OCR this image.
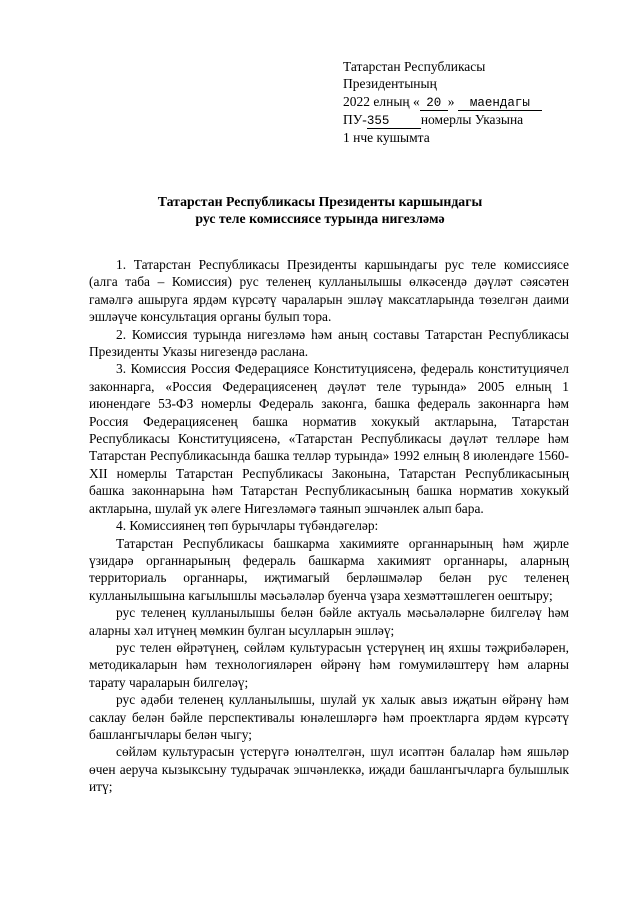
Татарстан Республикасы
Президентының
2022 елның « 20 » маендагы
ПУ-355 номерлы Указына
1 нче кушымта
Татарстан Республикасы Президенты каршындагы
рус теле комиссиясе турында нигезләмә

1. Татарстан Республикасы Президенты каршындагы рус теле комиссиясе (алга таба – Комиссия) рус теленең кулланылышы өлкәсендә дәүләт сәясәтен гамәлгә ашыруга ярдәм күрсәтү чараларын эшләү максатларында төзелгән даими эшләүче консультация органы булып тора.

2. Комиссия турында нигезләмә һәм аның составы Татарстан Республикасы Президенты Указы нигезендә раслана.

3. Комиссия Россия Федерациясе Конституциясенә, федераль конституциячел законнарга, «Россия Федерациясенең дәүләт теле турында» 2005 елның 1 июнендәге 53-ФЗ номерлы Федераль законга, башка федераль законнарга һәм Россия Федерациясенең башка норматив хокукый актларына, Татарстан Республикасы Конституциясенә, «Татарстан Республикасы дәүләт телләре һәм Татарстан Республикасында башка телләр турында» 1992 елның 8 июлендәге 1560-XII номерлы Татарстан Республикасы Законына, Татарстан Республикасының башка законнарына һәм Татарстан Республикасының башка норматив хокукый актларына, шулай ук әлеге Нигезләмәгә таянып эшчәнлек алып бара.

4. Комиссиянең төп бурычлары түбәндәгеләр:

Татарстан Республикасы башкарма хакимияте органнарының һәм җирле үзидарә органнарының федераль башкарма хакимият органнары, аларның территориаль органнары, иҗтимагый берләшмәләр белән рус теленең кулланылышына кагылышлы мәсьәләләр буенча үзара хезмәттәшлеген оештыру;

рус теленең кулланылышы белән бәйле актуаль мәсьәләләрне билгеләү һәм аларны хәл итүнең мөмкин булган ысулларын эшләү;

рус телен өйрәтүнең, сөйләм культурасын үстерүнең иң яхшы тәҗрибәләрен, методикаларын һәм технологияләрен өйрәнү һәм гомумиләштерү һәм аларны тарату чараларын билгеләү;

рус әдәби теленең кулланылышы, шулай ук халык авыз иҗатын өйрәнү һәм саклау белән бәйле перспективалы юнәлешләргә һәм проектларга ярдәм күрсәтү башлангычлары белән чыгу;

сөйләм культурасын үстерүгә юнәлтелгән, шул исәптән балалар һәм яшьләр өчен аеруча кызыксыну тудырачак эшчәнлеккә, иҗади башлангычларга булышлык итү;
